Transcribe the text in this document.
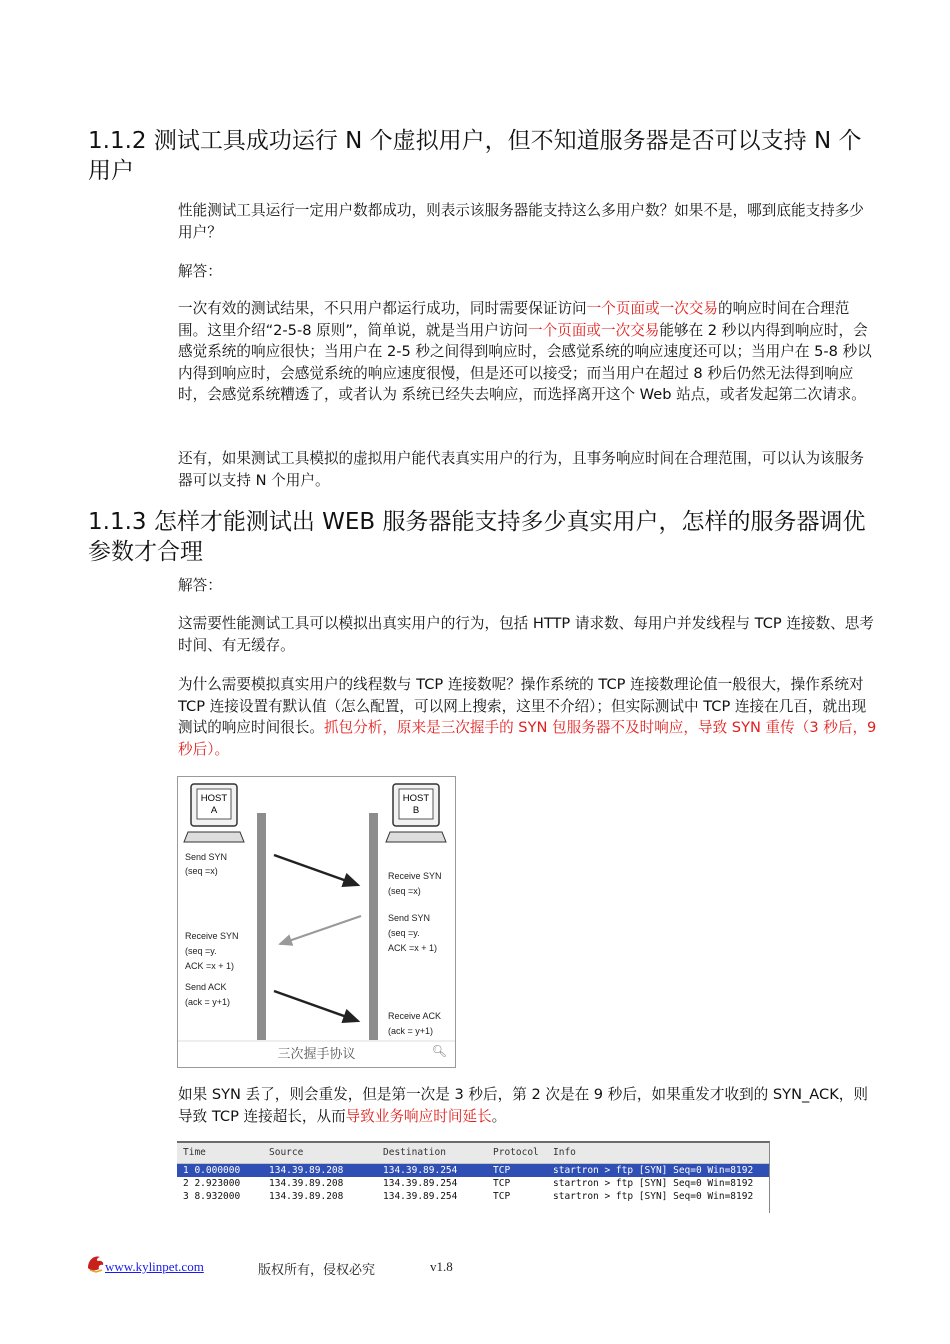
1.1.2 测试工具成功运行 N 个虚拟用户，但不知道服务器是否可以支持 N 个用户

性能测试工具运行一定用户数都成功，则表示该服务器能支持这么多用户数？如果不是，哪到底能支持多少用户？

解答：

一次有效的测试结果，不只用户都运行成功，同时需要保证访问一个页面或一次交易的响应时间在合理范围。这里介绍“2-5-8 原则”，简单说，就是当用户访问一个页面或一次交易能够在 2 秒以内得到响应时，会感觉系统的响应很快；当用户在 2-5 秒之间得到响应时，会感觉系统的响应速度还可以；当用户在 5-8 秒以内得到响应时，会感觉系统的响应速度很慢，但是还可以接受；而当用户在超过 8 秒后仍然无法得到响应时，会感觉系统糟透了，或者认为 系统已经失去响应，而选择离开这个 Web 站点，或者发起第二次请求。

还有，如果测试工具模拟的虚拟用户能代表真实用户的行为，且事务响应时间在合理范围，可以认为该服务器可以支持 N 个用户。

1.1.3 怎样才能测试出 WEB 服务器能支持多少真实用户，怎样的服务器调优参数才合理

解答：

这需要性能测试工具可以模拟出真实用户的行为，包括 HTTP 请求数、每用户并发线程与 TCP 连接数、思考时间、有无缓存。

为什么需要模拟真实用户的线程数与 TCP 连接数呢？操作系统的 TCP 连接数理论值一般很大，操作系统对 TCP 连接设置有默认值（怎么配置，可以网上搜索，这里不介绍）；但实际测试中 TCP 连接在几百，就出现测试的响应时间很长。抓包分析，原来是三次握手的 SYN 包服务器不及时响应，导致 SYN 重传（3 秒后，9 秒后）。

HOST
A
HOST
B
Send SYN
(seq =x)
Receive SYN
(seq =y.
ACK =x + 1)
Send ACK
(ack = y+1)
Receive SYN
(seq =x)
Send SYN
(seq =y.
ACK =x + 1)
Receive ACK
(ack = y+1)
三次握手协议	🔍︎

如果 SYN 丢了，则会重发，但是第一次是 3 秒后，第 2 次是在 9 秒后，如果重发才收到的 SYN_ACK，则导致 TCP 连接超长，从而导致业务响应时间延长。

Time	Source	Destination	Protocol Info
1 0.000000	134.39.89.208	134.39.89.254	TCP	startron > ftp [SYN] Seq=0 Win=8192
2 2.923000	134.39.89.208	134.39.89.254	TCP	startron > ftp [SYN] Seq=0 Win=8192
3 8.932000	134.39.89.208	134.39.89.254	TCP	startron > ftp [SYN] Seq=0 Win=8192
www.kylinpet.com	版权所有，侵权必究	v1.8
